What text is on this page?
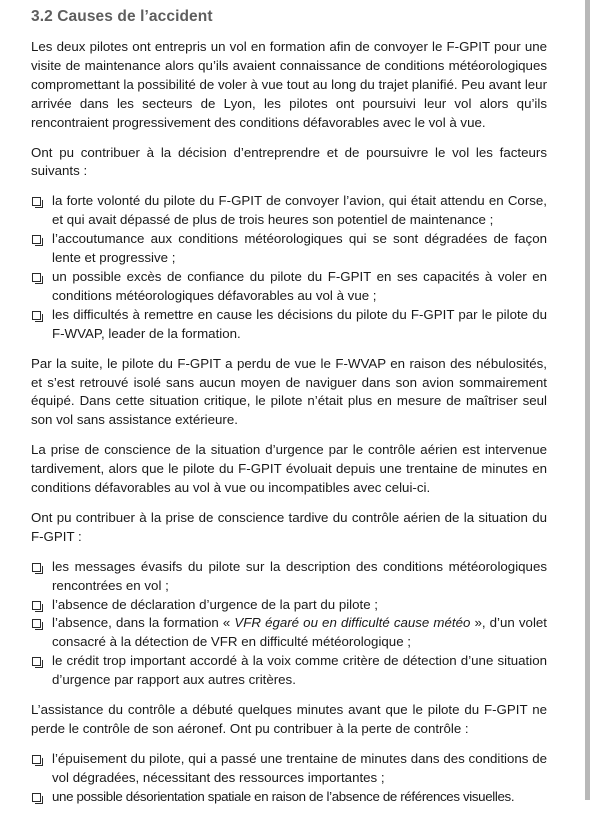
3.2 Causes de l’accident

Les deux pilotes ont entrepris un vol en formation afin de convoyer le F-GPIT pour une visite de maintenance alors qu’ils avaient connaissance de conditions météorologiques compromettant la possibilité de voler à vue tout au long du trajet planifié. Peu avant leur arrivée dans les secteurs de Lyon, les pilotes ont poursuivi leur vol alors qu’ils rencontraient progressivement des conditions défavorables avec le vol à vue.

Ont pu contribuer à la décision d’entreprendre et de poursuivre le vol les facteurs suivants :

la forte volonté du pilote du F-GPIT de convoyer l’avion, qui était attendu en Corse, et qui avait dépassé de plus de trois heures son potentiel de maintenance ;
l’accoutumance aux conditions météorologiques qui se sont dégradées de façon lente et progressive ;
un possible excès de confiance du pilote du F-GPIT en ses capacités à voler en conditions météorologiques défavorables au vol à vue ;
les difficultés à remettre en cause les décisions du pilote du F-GPIT par le pilote du F-WVAP, leader de la formation.

Par la suite, le pilote du F-GPIT a perdu de vue le F-WVAP en raison des nébulosités, et s’est retrouvé isolé sans aucun moyen de naviguer dans son avion sommairement équipé. Dans cette situation critique, le pilote n’était plus en mesure de maîtriser seul son vol sans assistance extérieure.

La prise de conscience de la situation d’urgence par le contrôle aérien est intervenue tardivement, alors que le pilote du F-GPIT évoluait depuis une trentaine de minutes en conditions défavorables au vol à vue ou incompatibles avec celui-ci.

Ont pu contribuer à la prise de conscience tardive du contrôle aérien de la situation du F-GPIT :

les messages évasifs du pilote sur la description des conditions météorologiques rencontrées en vol ;
l’absence de déclaration d’urgence de la part du pilote ;
l’absence, dans la formation « VFR égaré ou en difficulté cause météo », d’un volet consacré à la détection de VFR en difficulté météorologique ;
le crédit trop important accordé à la voix comme critère de détection d’une situation d’urgence par rapport aux autres critères.

L’assistance du contrôle a débuté quelques minutes avant que le pilote du F-GPIT ne perde le contrôle de son aéronef. Ont pu contribuer à la perte de contrôle :

l’épuisement du pilote, qui a passé une trentaine de minutes dans des conditions de vol dégradées, nécessitant des ressources importantes ;
une possible désorientation spatiale en raison de l’absence de références visuelles.
